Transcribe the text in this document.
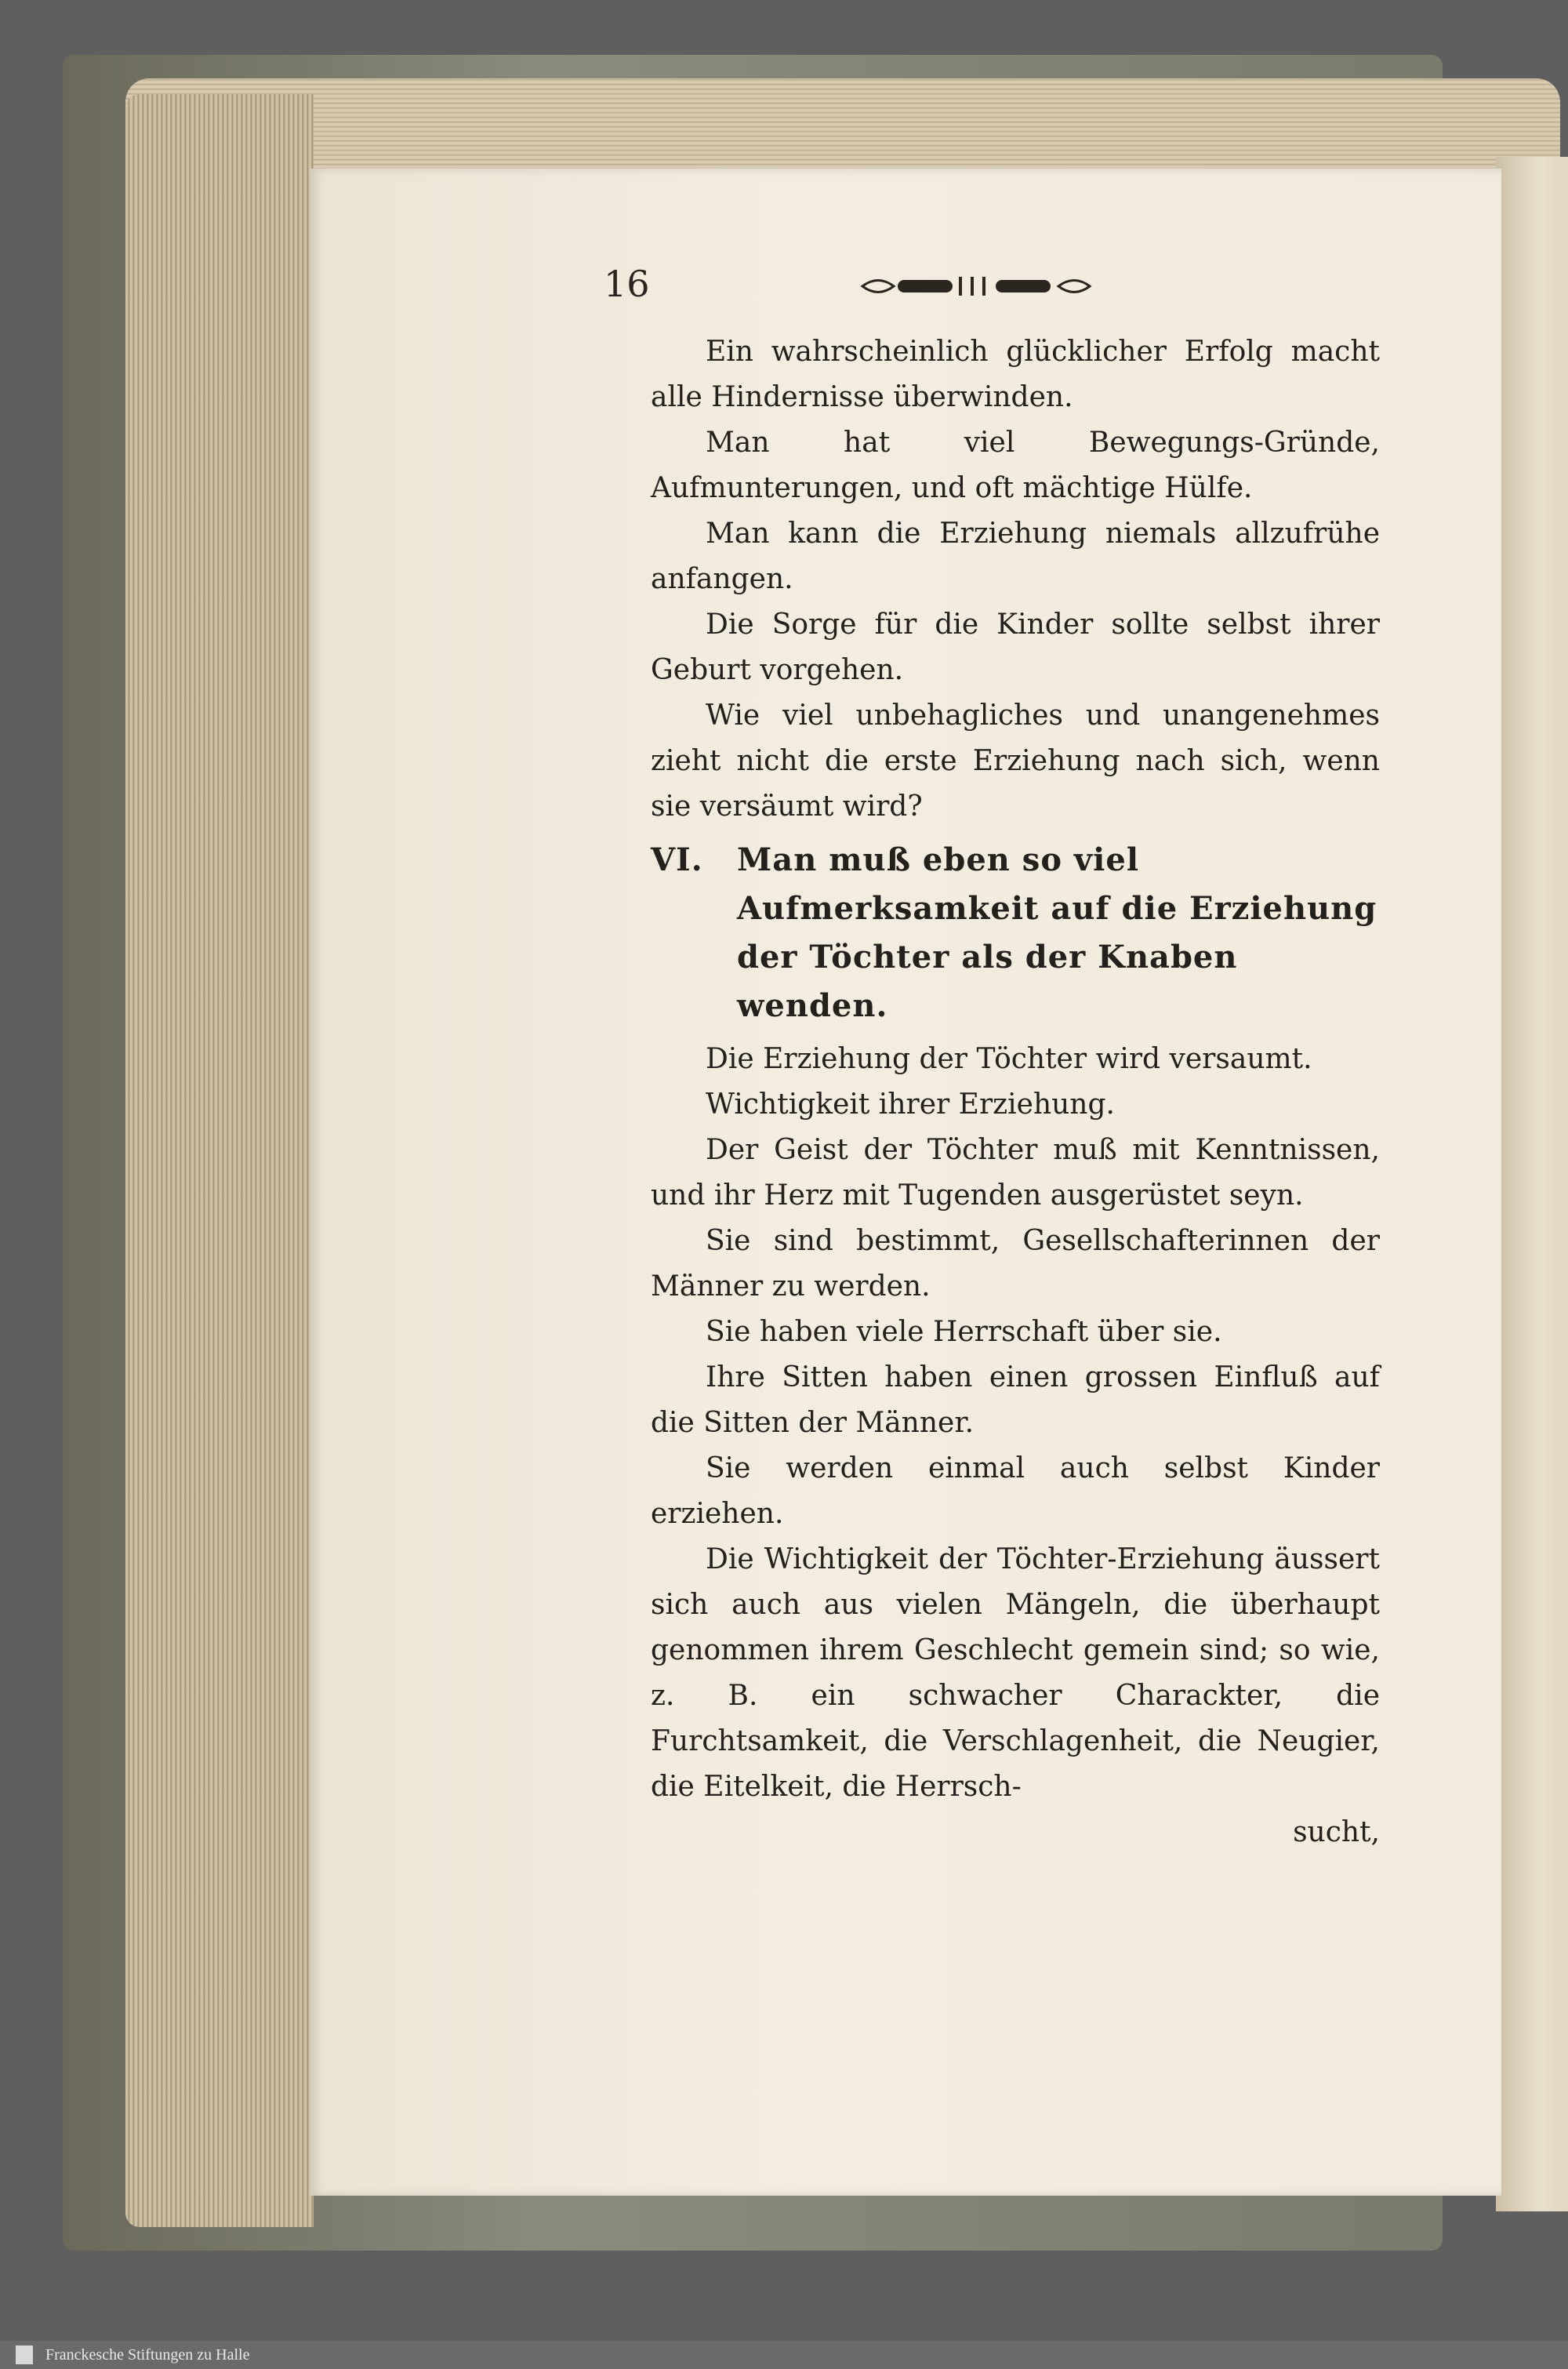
16

Ein wahrscheinlich glücklicher Erfolg macht alle Hindernisse überwinden.

Man hat viel Bewegungs-Gründe, Aufmunterungen, und oft mächtige Hülfe.

Man kann die Erziehung niemals allzufrühe anfangen.

Die Sorge für die Kinder sollte selbst ihrer Geburt vorgehen.

Wie viel unbehagliches und unangenehmes zieht nicht die erste Erziehung nach sich, wenn sie versäumt wird?

VI. Man muß eben so viel Aufmerksamkeit auf die Erziehung der Töchter als der Knaben wenden.

Die Erziehung der Töchter wird versaumt.

Wichtigkeit ihrer Erziehung.

Der Geist der Töchter muß mit Kenntnissen, und ihr Herz mit Tugenden ausgerüstet seyn.

Sie sind bestimmt, Gesellschafterinnen der Männer zu werden.

Sie haben viele Herrschaft über sie.

Ihre Sitten haben einen grossen Einfluß auf die Sitten der Männer.

Sie werden einmal auch selbst Kinder erziehen.

Die Wichtigkeit der Töchter-Erziehung äussert sich auch aus vielen Mängeln, die überhaupt genommen ihrem Geschlecht gemein sind; so wie, z. B. ein schwacher Charackter, die Furchtsamkeit, die Verschlagenheit, die Neugier, die Eitelkeit, die Herrsch-

sucht,

Franckesche Stiftungen zu Halle
